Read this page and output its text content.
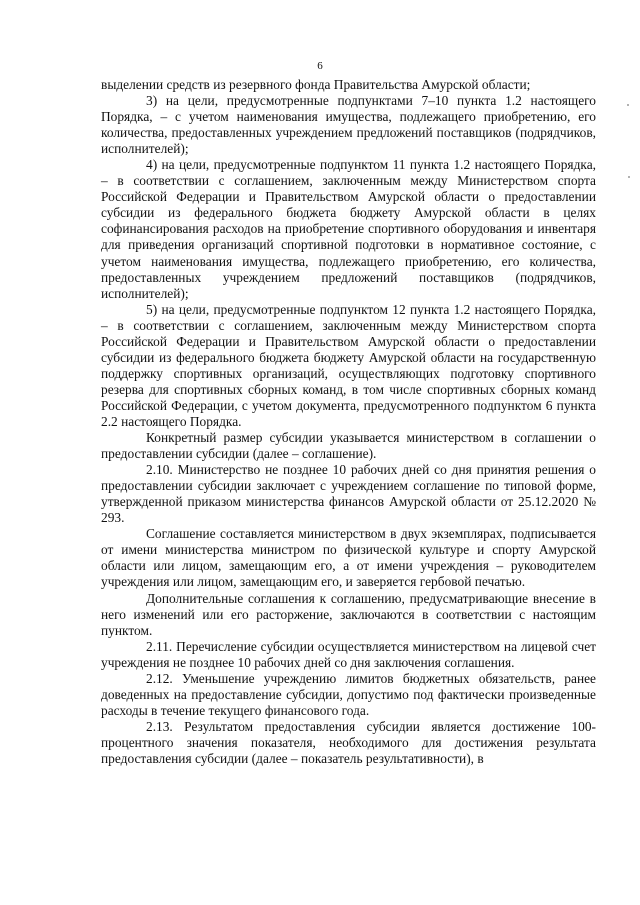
6

выделении средств из резервного фонда Правительства Амурской области;

3) на цели, предусмотренные подпунктами 7–10 пункта 1.2 настоящего Порядка, – с учетом наименования имущества, подлежащего приобретению, его количества, предоставленных учреждением предложений поставщиков (подрядчиков, исполнителей);

4) на цели, предусмотренные подпунктом 11 пункта 1.2 настоящего Порядка, – в соответствии с соглашением, заключенным между Министерством спорта Российской Федерации и Правительством Амурской области о предоставлении субсидии из федерального бюджета бюджету Амурской области в целях софинансирования расходов на приобретение спортивного оборудования и инвентаря для приведения организаций спортивной подготовки в нормативное состояние, с учетом наименования имущества, подлежащего приобретению, его количества, предоставленных учреждением предложений поставщиков (подрядчиков, исполнителей);

5) на цели, предусмотренные подпунктом 12 пункта 1.2 настоящего Порядка, – в соответствии с соглашением, заключенным между Министерством спорта Российской Федерации и Правительством Амурской области о предоставлении субсидии из федерального бюджета бюджету Амурской области на государственную поддержку спортивных организаций, осуществляющих подготовку спортивного резерва для спортивных сборных команд, в том числе спортивных сборных команд Российской Федерации, с учетом документа, предусмотренного подпунктом 6 пункта 2.2 настоящего Порядка.

Конкретный размер субсидии указывается министерством в соглашении о предоставлении субсидии (далее – соглашение).

2.10. Министерство не позднее 10 рабочих дней со дня принятия решения о предоставлении субсидии заключает с учреждением соглашение по типовой форме, утвержденной приказом министерства финансов Амурской области от 25.12.2020 № 293.

Соглашение составляется министерством в двух экземплярах, подписывается от имени министерства министром по физической культуре и спорту Амурской области или лицом, замещающим его, а от имени учреждения – руководителем учреждения или лицом, замещающим его, и заверяется гербовой печатью.

Дополнительные соглашения к соглашению, предусматривающие внесение в него изменений или его расторжение, заключаются в соответствии с настоящим пунктом.

2.11. Перечисление субсидии осуществляется министерством на лицевой счет учреждения не позднее 10 рабочих дней со дня заключения соглашения.

2.12. Уменьшение учреждению лимитов бюджетных обязательств, ранее доведенных на предоставление субсидии, допустимо под фактически произведенные расходы в течение текущего финансового года.

2.13. Результатом предоставления субсидии является достижение 100-процентного значения показателя, необходимого для достижения результата предоставления субсидии (далее – показатель результативности), в
